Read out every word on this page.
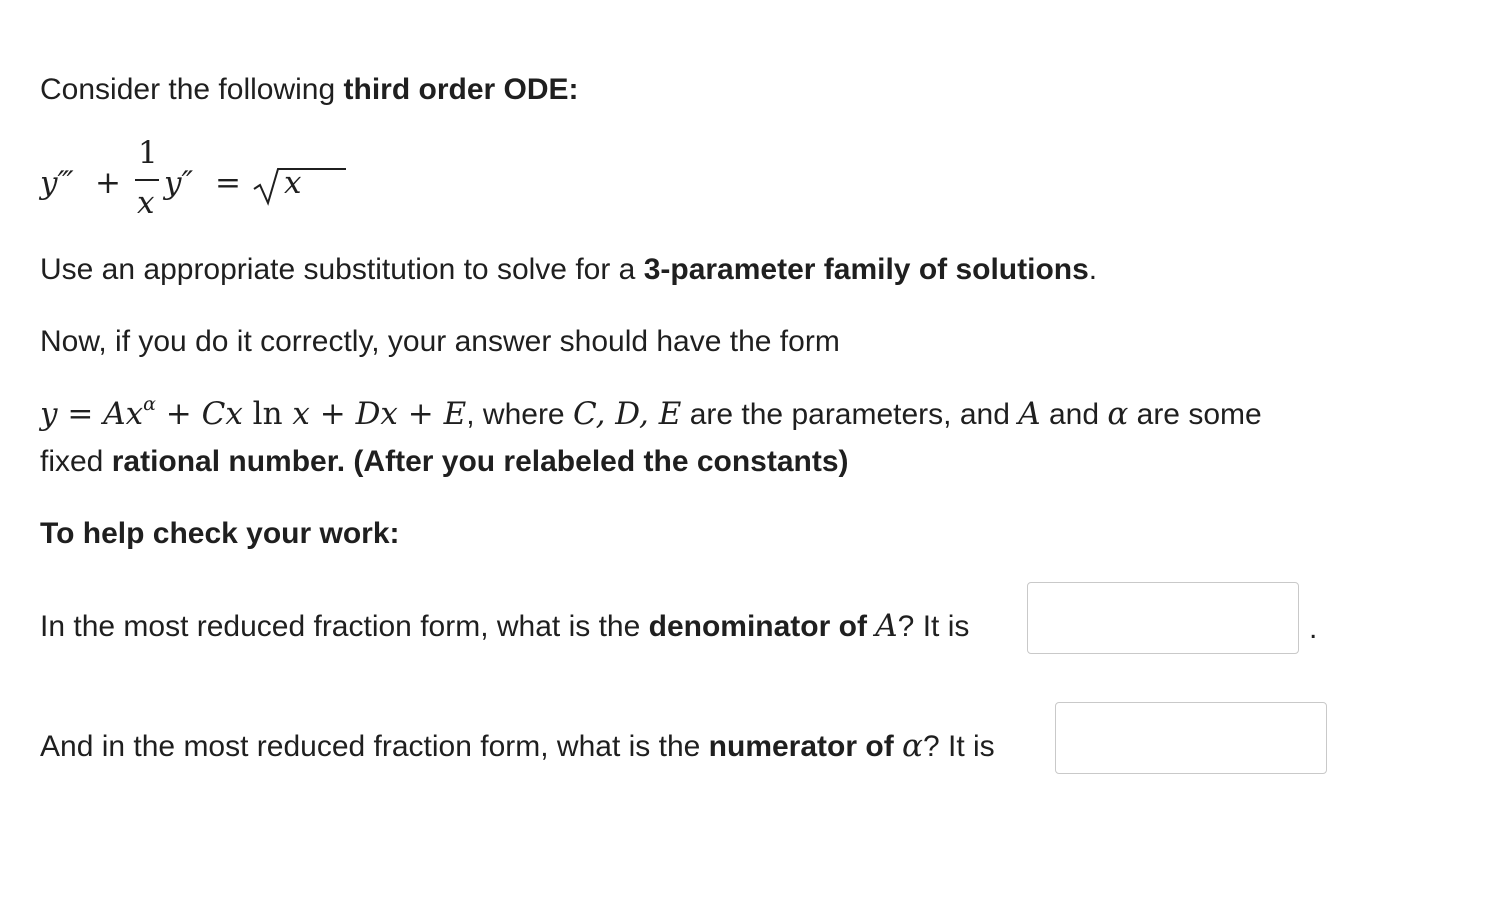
Consider the following third order ODE:
y‴ +
1
x
y″ = x
Use an appropriate substitution to solve for a 3-parameter family of solutions.
Now, if you do it correctly, your answer should have the form
$y = Ax^\alpha + Cx$ ln x + Dx + E, where C, D, E are the parameters, and A and α are some
fixed rational number. (After you relabeled the constants)
To help check your work:
In the most reduced fraction form, what is the denominator of A? It is
And in the most reduced fraction form, what is the numerator of α? It is
.
